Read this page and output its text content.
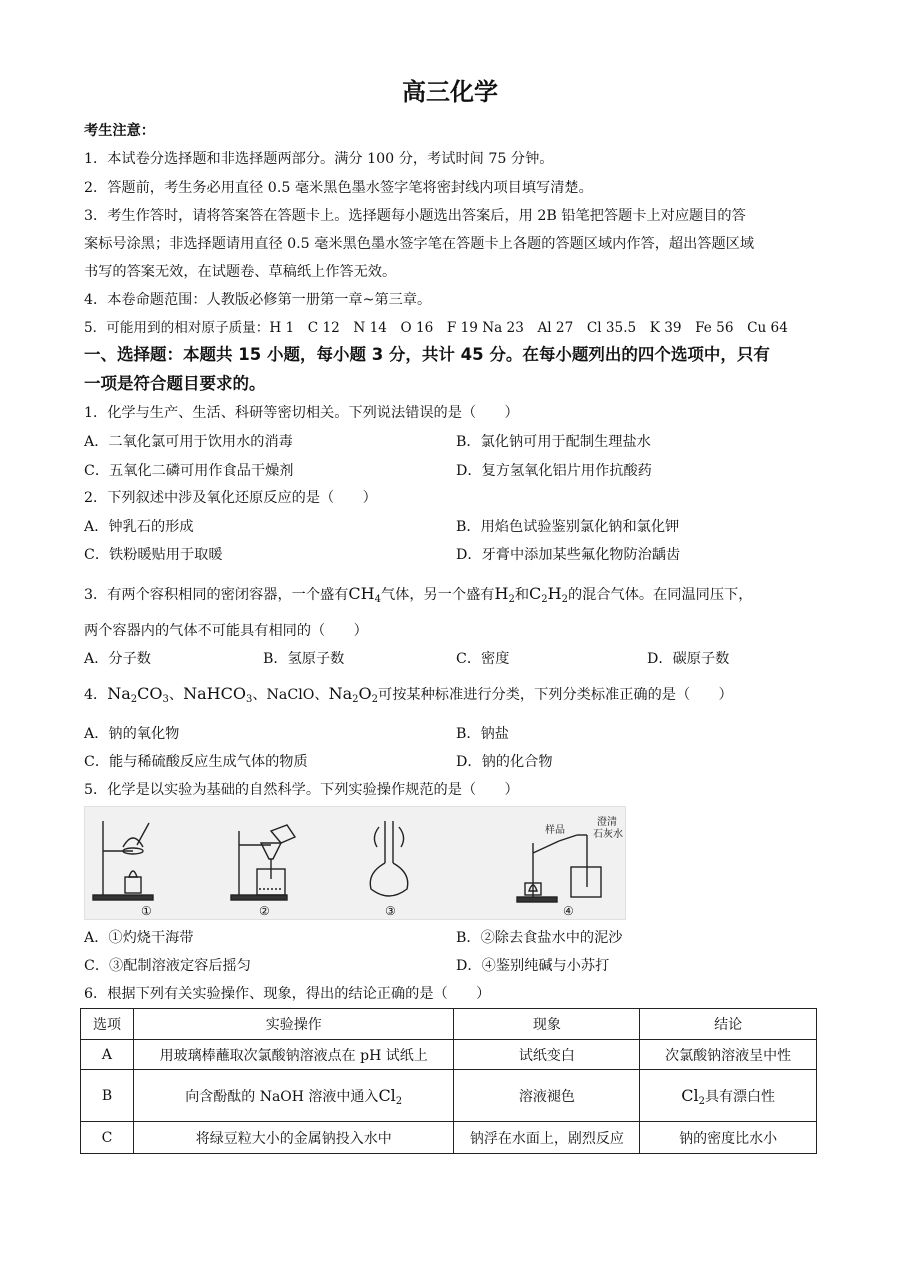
高三化学
考生注意：
1．本试卷分选择题和非选择题两部分。满分 100 分，考试时间 75 分钟。
2．答题前，考生务必用直径 0.5 毫米黑色墨水签字笔将密封线内项目填写清楚。
3．考生作答时，请将答案答在答题卡上。选择题每小题选出答案后，用 2B 铅笔把答题卡上对应题目的答
案标号涂黑；非选择题请用直径 0.5 毫米黑色墨水签字笔在答题卡上各题的答题区域内作答，超出答题区域
书写的答案无效，在试题卷、草稿纸上作答无效。
4．本卷命题范围：人教版必修第一册第一章~第三章。
5．可能用到的相对原子质量：H 1　C 12　N 14　O 16　F 19 Na 23　Al 27　Cl 35.5　K 39　Fe 56　Cu 64
一、选择题：本题共 15 小题，每小题 3 分，共计 45 分。在每小题列出的四个选项中，只有
一项是符合题目要求的。
1．化学与生产、生活、科研等密切相关。下列说法错误的是（　　）
A．二氧化氯可用于饮用水的消毒	B．氯化钠可用于配制生理盐水
C．五氧化二磷可用作食品干燥剂	D．复方氢氧化铝片用作抗酸药
2．下列叙述中涉及氧化还原反应的是（　　）
A．钟乳石的形成	B．用焰色试验鉴别氯化钠和氯化钾
C．铁粉暖贴用于取暖	D．牙膏中添加某些氟化物防治龋齿
3．有两个容积相同的密闭容器，一个盛有$CH_4$气体，另一个盛有$H_2$和$C_2H_2$的混合气体。在同温同压下，
两个容器内的气体不可能具有相同的（　　）
A．分子数	B．氢原子数	C．密度	D．碳原子数
4．$Na_2CO_3$、NaHCO$_3$、NaClO、$Na_2O_2$可按某种标准进行分类，下列分类标准正确的是（　　）
A．钠的氧化物	B．钠盐
C．能与稀硫酸反应生成气体的物质	D．钠的化合物
5．化学是以实验为基础的自然科学。下列实验操作规范的是（　　）
样品
澄清
石灰水
①	②	③	④
A．①灼烧干海带	B．②除去食盐水中的泥沙
C．③配制溶液定容后摇匀	D．④鉴别纯碱与小苏打
6．根据下列有关实验操作、现象，得出的结论正确的是（　　）
选项	实验操作	现象	结论
A	用玻璃棒蘸取次氯酸钠溶液点在 pH 试纸上	试纸变白	次氯酸钠溶液呈中性
B	向含酚酞的 NaOH 溶液中通入$Cl_2$	溶液褪色	$Cl_2$具有漂白性
C	将绿豆粒大小的金属钠投入水中	钠浮在水面上，剧烈反应	钠的密度比水小
